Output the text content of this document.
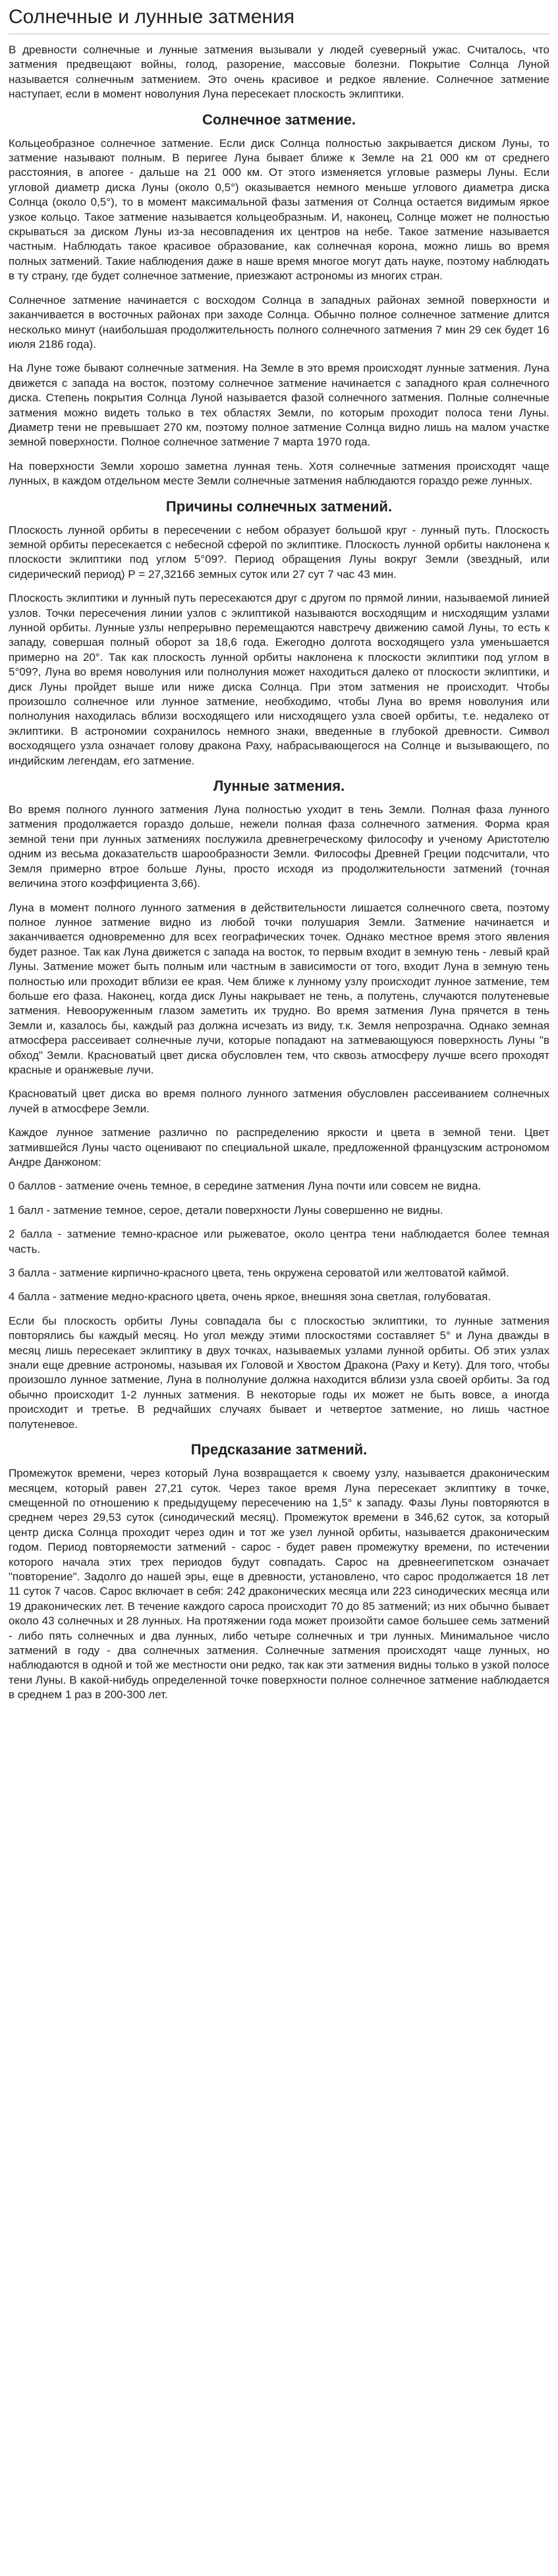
Солнечные и лунные затмения

В древности солнечные и лунные затмения вызывали у людей суеверный ужас. Считалось, что затмения предвещают войны, голод, разорение, массовые болезни. Покрытие Солнца Луной называется солнечным затмением. Это очень красивое и редкое явление. Солнечное затмение наступает, если в момент новолуния Луна пересекает плоскость эклиптики.

Солнечное затмение.

Кольцеобразное солнечное затмение. Если диск Солнца полностью закрывается диском Луны, то затмение называют полным. В перигее Луна бывает ближе к Земле на 21 000 км от среднего расстояния, в апогее - дальше на 21 000 км. От этого изменяется угловые размеры Луны. Если угловой диаметр диска Луны (около 0,5°) оказывается немного меньше углового диаметра диска Солнца (около 0,5°), то в момент максимальной фазы затмения от Солнца остается видимым яркое узкое кольцо. Такое затмение называется кольцеобразным. И, наконец, Солнце может не полностью скрываться за диском Луны из-за несовпадения их центров на небе. Такое затмение называется частным. Наблюдать такое красивое образование, как солнечная корона, можно лишь во время полных затмений. Такие наблюдения даже в наше время многое могут дать науке, поэтому наблюдать в ту страну, где будет солнечное затмение, приезжают астрономы из многих стран.

Солнечное затмение начинается с восходом Солнца в западных районах земной поверхности и заканчивается в восточных районах при заходе Солнца. Обычно полное солнечное затмение длится несколько минут (наибольшая продолжительность полного солнечного затмения 7 мин 29 сек будет 16 июля 2186 года).

На Луне тоже бывают солнечные затмения. На Земле в это время происходят лунные затмения. Луна движется с запада на восток, поэтому солнечное затмение начинается с западного края солнечного диска. Степень покрытия Солнца Луной называется фазой солнечного затмения. Полные солнечные затмения можно видеть только в тех областях Земли, по которым проходит полоса тени Луны. Диаметр тени не превышает 270 км, поэтому полное затмение Солнца видно лишь на малом участке земной поверхности. Полное солнечное затмение 7 марта 1970 года.

На поверхности Земли хорошо заметна лунная тень. Хотя солнечные затмения происходят чаще лунных, в каждом отдельном месте Земли солнечные затмения наблюдаются гораздо реже лунных.

Причины солнечных затмений.

Плоскость лунной орбиты в пересечении с небом образует большой круг - лунный путь. Плоскость земной орбиты пересекается с небесной сферой по эклиптике. Плоскость лунной орбиты наклонена к плоскости эклиптики под углом 5°09?. Период обращения Луны вокруг Земли (звездный, или сидерический период) Р = 27,32166 земных суток или 27 сут 7 час 43 мин.

Плоскость эклиптики и лунный путь пересекаются друг с другом по прямой линии, называемой линией узлов. Точки пересечения линии узлов с эклиптикой называются восходящим и нисходящим узлами лунной орбиты. Лунные узлы непрерывно перемещаются навстречу движению самой Луны, то есть к западу, совершая полный оборот за 18,6 года. Ежегодно долгота восходящего узла уменьшается примерно на 20°. Так как плоскость лунной орбиты наклонена к плоскости эклиптики под углом в 5°09?, Луна во время новолуния или полнолуния может находиться далеко от плоскости эклиптики, и диск Луны пройдет выше или ниже диска Солнца. При этом затмения не происходит. Чтобы произошло солнечное или лунное затмение, необходимо, чтобы Луна во время новолуния или полнолуния находилась вблизи восходящего или нисходящего узла своей орбиты, т.е. недалеко от эклиптики. В астрономии сохранилось немного знаки, введенные в глубокой древности. Символ восходящего узла означает голову дракона Раху, набрасывающегося на Солнце и вызывающего, по индийским легендам, его затмение.

Лунные затмения.

Во время полного лунного затмения Луна полностью уходит в тень Земли. Полная фаза лунного затмения продолжается гораздо дольше, нежели полная фаза солнечного затмения. Форма края земной тени при лунных затмениях послужила древнегреческому философу и ученому Аристотелю одним из весьма доказательств шарообразности Земли. Философы Древней Греции подсчитали, что Земля примерно втрое больше Луны, просто исходя из продолжительности затмений (точная величина этого коэффициента 3,66).

Луна в момент полного лунного затмения в действительности лишается солнечного света, поэтому полное лунное затмение видно из любой точки полушария Земли. Затмение начинается и заканчивается одновременно для всех географических точек. Однако местное время этого явления будет разное. Так как Луна движется с запада на восток, то первым входит в земную тень - левый край Луны. Затмение может быть полным или частным в зависимости от того, входит Луна в земную тень полностью или проходит вблизи ее края. Чем ближе к лунному узлу происходит лунное затмение, тем больше его фаза. Наконец, когда диск Луны накрывает не тень, а полутень, случаются полутеневые затмения. Невооруженным глазом заметить их трудно. Во время затмения Луна прячется в тень Земли и, казалось бы, каждый раз должна исчезать из виду, т.к. Земля непрозрачна. Однако земная атмосфера рассеивает солнечные лучи, которые попадают на затмевающуюся поверхность Луны "в обход" Земли. Красноватый цвет диска обусловлен тем, что сквозь атмосферу лучше всего проходят красные и оранжевые лучи.

Красноватый цвет диска во время полного лунного затмения обусловлен рассеиванием солнечных лучей в атмосфере Земли.

Каждое лунное затмение различно по распределению яркости и цвета в земной тени. Цвет затмившейся Луны часто оценивают по специальной шкале, предложенной французским астрономом Андре Данжоном:

0 баллов - затмение очень темное, в середине затмения Луна почти или совсем не видна.

1 балл - затмение темное, серое, детали поверхности Луны совершенно не видны.

2 балла - затмение темно-красное или рыжеватое, около центра тени наблюдается более темная часть.

3 балла - затмение кирпично-красного цвета, тень окружена сероватой или желтоватой каймой.

4 балла - затмение медно-красного цвета, очень яркое, внешняя зона светлая, голубоватая.

Если бы плоскость орбиты Луны совпадала бы с плоскостью эклиптики, то лунные затмения повторялись бы каждый месяц. Но угол между этими плоскостями составляет 5° и Луна дважды в месяц лишь пересекает эклиптику в двух точках, называемых узлами лунной орбиты. Об этих узлах знали еще древние астрономы, называя их Головой и Хвостом Дракона (Раху и Кету). Для того, чтобы произошло лунное затмение, Луна в полнолуние должна находится вблизи узла своей орбиты. За год обычно происходит 1-2 лунных затмения. В некоторые годы их может не быть вовсе, а иногда происходит и третье. В редчайших случаях бывает и четвертое затмение, но лишь частное полутеневое.

Предсказание затмений.

Промежуток времени, через который Луна возвращается к своему узлу, называется драконическим месяцем, который равен 27,21 суток. Через такое время Луна пересекает эклиптику в точке, смещенной по отношению к предыдущему пересечению на 1,5° к западу. Фазы Луны повторяются в среднем через 29,53 суток (синодический месяц). Промежуток времени в 346,62 суток, за который центр диска Солнца проходит через один и тот же узел лунной орбиты, называется драконическим годом. Период повторяемости затмений - сарос - будет равен промежутку времени, по истечении которого начала этих трех периодов будут совпадать. Сарос на древнеегипетском означает "повторение". Задолго до нашей эры, еще в древности, установлено, что сарос продолжается 18 лет 11 суток 7 часов. Сарос включает в себя: 242 драконических месяца или 223 синодических месяца или 19 драконических лет. В течение каждого сароса происходит 70 до 85 затмений; из них обычно бывает около 43 солнечных и 28 лунных. На протяжении года может произойти самое большее семь затмений - либо пять солнечных и два лунных, либо четыре солнечных и три лунных. Минимальное число затмений в году - два солнечных затмения. Солнечные затмения происходят чаще лунных, но наблюдаются в одной и той же местности они редко, так как эти затмения видны только в узкой полосе тени Луны. В какой-нибудь определенной точке поверхности полное солнечное затмение наблюдается в среднем 1 раз в 200-300 лет.
